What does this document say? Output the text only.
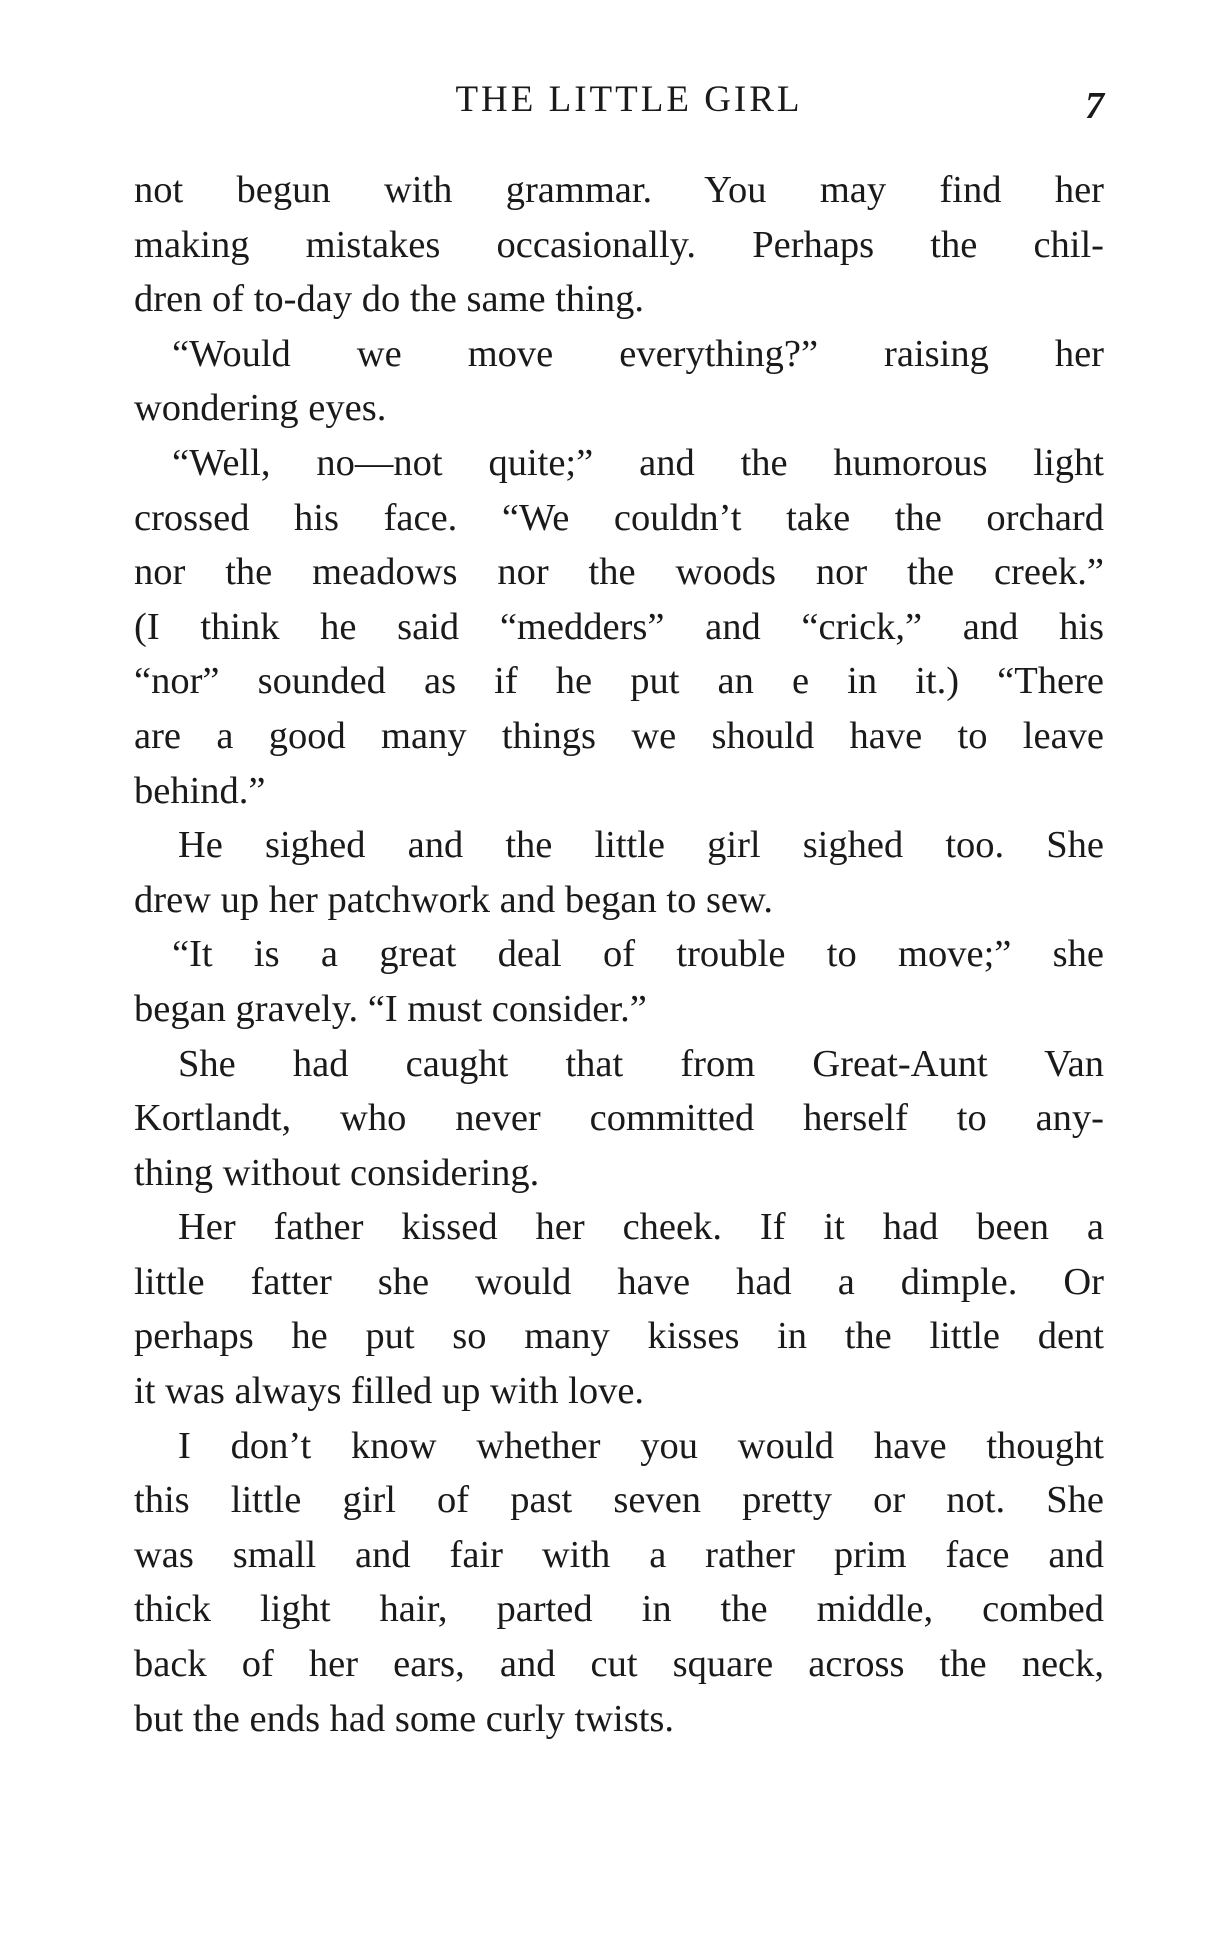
THE LITTLE GIRL	7

not begun with grammar. You may find her
making mistakes occasionally. Perhaps the chil-
dren of to-day do the same thing.

“Would we move everything?” raising her
wondering eyes.

“Well, no—not quite;” and the humorous light
crossed his face. “We couldn’t take the orchard
nor the meadows nor the woods nor the creek.”
(I think he said “medders” and “crick,” and his
“nor” sounded as if he put an e in it.) “There
are a good many things we should have to leave
behind.”

He sighed and the little girl sighed too. She
drew up her patchwork and began to sew.

“It is a great deal of trouble to move;” she
began gravely. “I must consider.”

She had caught that from Great-Aunt Van
Kortlandt, who never committed herself to any-
thing without considering.

Her father kissed her cheek. If it had been a
little fatter she would have had a dimple. Or
perhaps he put so many kisses in the little dent
it was always filled up with love.

I don’t know whether you would have thought
this little girl of past seven pretty or not. She
was small and fair with a rather prim face and
thick light hair, parted in the middle, combed
back of her ears, and cut square across the neck,
but the ends had some curly twists.
